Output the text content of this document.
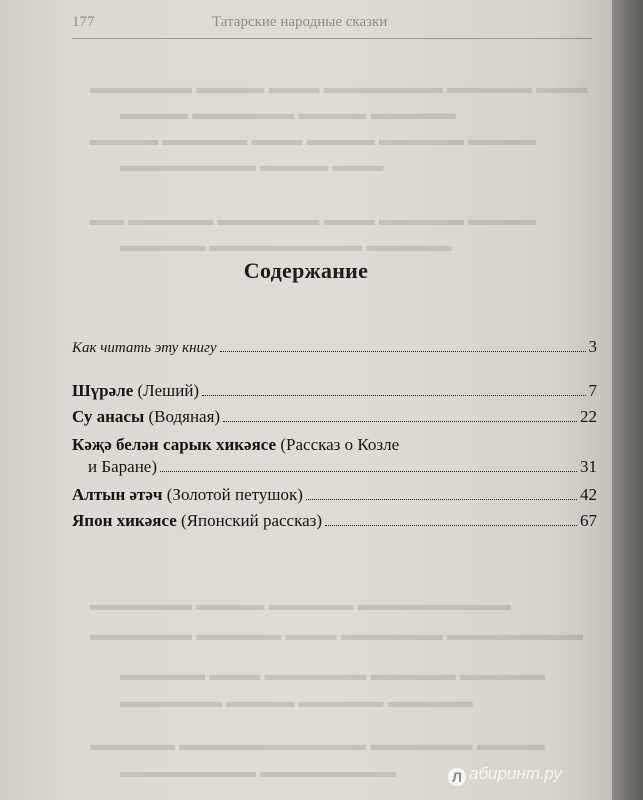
▬▬▬ ▬▬▬▬▬ ▬▬▬▬▬▬▬ ▬▬▬ ▬▬▬▬ ▬▬▬▬▬▬
▬▬▬▬▬ ▬▬▬▬ ▬▬▬▬▬▬ ▬▬▬▬
▬▬▬▬ ▬▬▬▬▬ ▬▬▬▬ ▬▬▬ ▬▬▬▬▬ ▬▬▬▬
▬▬▬ ▬▬▬▬ ▬▬▬▬▬▬▬▬
▬▬▬▬ ▬▬▬▬▬ ▬▬▬ ▬▬▬▬▬▬ ▬▬▬▬▬ ▬▬
▬▬▬▬▬ ▬▬▬▬▬▬▬▬▬ ▬▬▬▬▬
▬▬▬▬▬▬▬▬▬ ▬▬▬▬▬ ▬▬▬▬ ▬▬▬▬▬▬
▬▬▬▬▬▬▬▬ ▬▬▬▬▬▬ ▬▬▬ ▬▬▬▬▬ ▬▬▬▬▬▬
▬▬▬▬▬ ▬▬▬▬▬ ▬▬▬▬▬▬ ▬▬▬ ▬▬▬▬▬
▬▬▬▬▬ ▬▬▬▬▬ ▬▬▬▬ ▬▬▬▬▬▬
▬▬▬▬ ▬▬▬▬▬▬ ▬▬▬▬▬▬▬▬▬▬▬ ▬▬▬▬▬
▬▬▬▬▬▬▬▬ ▬▬▬▬▬▬▬▬
177	Татарские народные сказки
Содержание
Как читать эту книгу	3
Шүрәле (Леший)	7
Су анасы (Водяная)	22
Кәҗә белән сарык хикәясе (Рассказ о Козле
и Баране)	31
Алтын әтәч (Золотой петушок)	42
Япон хикәясе (Японский рассказ)	67
Л абиринт.ру
